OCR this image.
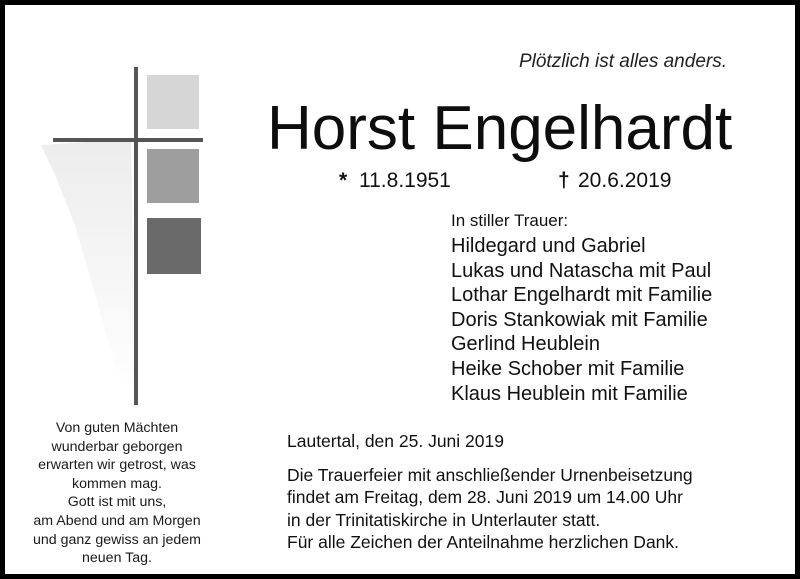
Plötzlich ist alles anders.
Horst Engelhardt
* 11.8.1951	† 20.6.2019
In stiller Trauer:
Hildegard und Gabriel
Lukas und Natascha mit Paul
Lothar Engelhardt mit Familie
Doris Stankowiak mit Familie
Gerlind Heublein
Heike Schober mit Familie
Klaus Heublein mit Familie
Von guten Mächten
wunderbar geborgen
erwarten wir getrost, was
kommen mag.
Gott ist mit uns,
am Abend und am Morgen
und ganz gewiss an jedem
neuen Tag.
Lautertal, den 25. Juni 2019
Die Trauerfeier mit anschließender Urnenbeisetzung
findet am Freitag, dem 28. Juni 2019 um 14.00 Uhr
in der Trinitatiskirche in Unterlauter statt.
Für alle Zeichen der Anteilnahme herzlichen Dank.
